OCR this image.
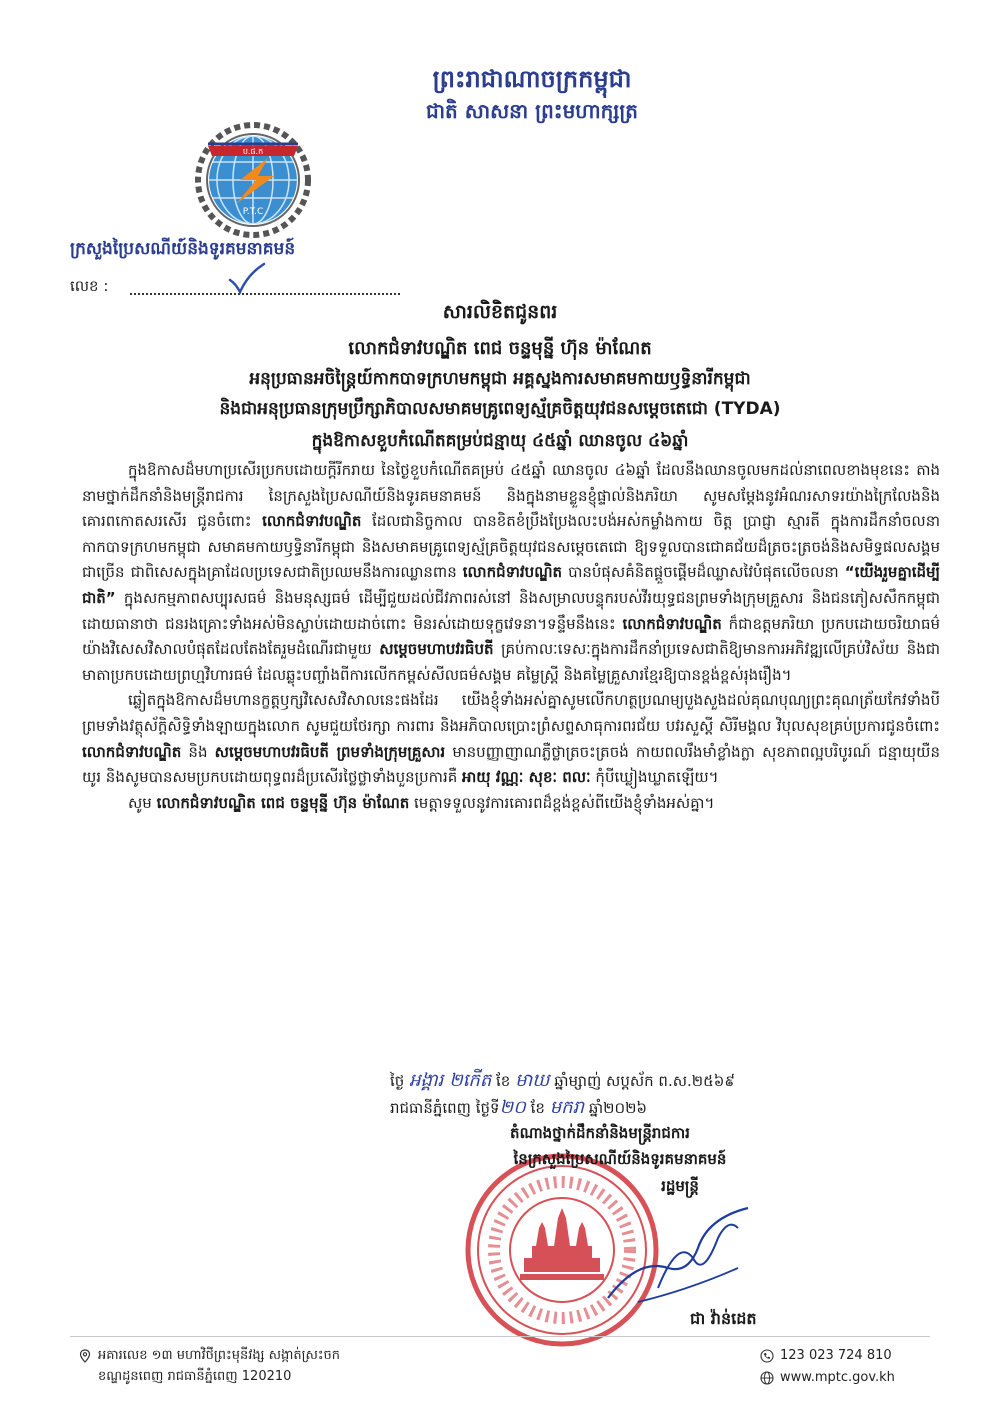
ព្រះរាជាណាចក្រកម្ពុជា
ជាតិ សាសនា ព្រះមហាក្សត្រ
ប.ផ.ក
P.T.C
ក្រសួងប្រៃសណីយ៍និងទូរគមនាគមន៍
លេខ :
សារលិខិតជូនពរ
លោកជំទាវបណ្ឌិត ពេជ ចន្ទមុន្នី ហ៊ុន ម៉ាណែត
អនុប្រធានអចិន្ត្រៃយ៍កាកបាទក្រហមកម្ពុជា អគ្គស្នងការសមាគមកាយឫទ្ធិនារីកម្ពុជា
និងជាអនុប្រធានក្រុមប្រឹក្សាភិបាលសមាគមគ្រូពេទ្យស្ម័គ្រចិត្តយុវជនសម្តេចតេជោ (TYDA)
ក្នុងឱកាសខួបកំណើតគម្រប់ជន្មាយុ ៤៥ឆ្នាំ ឈានចូល ៤៦ឆ្នាំ

ក្នុងឱកាសដ៏មហាប្រសើរប្រកបដោយក្តីរីករាយ នៃថ្ងៃខួបកំណើតគម្រប់ ៤៥ឆ្នាំ ឈានចូល ៤៦ឆ្នាំ ដែលនឹងឈានចូលមកដល់នាពេលខាងមុខនេះ តាងនាមថ្នាក់ដឹកនាំនិងមន្ត្រីរាជការ នៃក្រសួងប្រៃសណីយ៍និងទូរគមនាគមន៍ និងក្នុងនាមខ្លួនខ្ញុំផ្ទាល់និងភរិយា សូមសម្តែងនូវអំណរសាទរយ៉ាងក្រៃលែងនិងគោរពកោតសរសើរ ជូនចំពោះ លោកជំទាវបណ្ឌិត ដែលជានិច្ចកាល បានខិតខំប្រឹងប្រែងលះបង់អស់កម្លាំងកាយ ចិត្ត ប្រាជ្ញា ស្មារតី ក្នុងការដឹកនាំចលនាកាកបាទក្រហមកម្ពុជា សមាគមកាយឫទ្ធិនារីកម្ពុជា និងសមាគមគ្រូពេទ្យស្ម័គ្រចិត្តយុវជនសម្តេចតេជោ ឱ្យទទួលបានជោគជ័យដ៏ត្រចះត្រចង់និងសមិទ្ធផលសង្គមជាច្រើន ជាពិសេសក្នុងគ្រាដែលប្រទេសជាតិប្រឈមនឹងការឈ្លានពាន លោកជំទាវបណ្ឌិត បានបំផុសគំនិតផ្តួចផ្តើមដ៏ឈ្លាសវៃបំផុតលើចលនា “យើងរួមគ្នាដើម្បីជាតិ” ក្នុងសកម្មភាពសប្បុរសធម៌ និងមនុស្សធម៌ ដើម្បីជួយដល់ជីវភាពរស់នៅ និងសម្រាលបន្ទុករបស់វីរយុទ្ធជនព្រមទាំងក្រុមគ្រួសារ និងជនភៀសសឹកកម្ពុជា ដោយធានាថា ជនរងគ្រោះទាំងអស់មិនស្លាប់ដោយដាច់ពោះ មិនរស់ដោយទុក្ខវេទនា។ទន្ទឹមនឹងនេះ លោកជំទាវបណ្ឌិត ក៏ជាឧត្តមភរិយា ប្រកបដោយចរិយាធម៌យ៉ាងវិសេសវិសាលបំផុតដែលតែងតែរួមដំណើរជាមួយ សម្តេចមហាបវរធិបតី គ្រប់កាលៈទេសៈក្នុងការដឹកនាំប្រទេសជាតិឱ្យមានការអភិវឌ្ឍលើគ្រប់វិស័យ និងជាមាតាប្រកបដោយព្រហ្មវិហារធម៌ ដែលឆ្លុះបញ្ចាំងពីការលើកកម្ពស់សីលធម៌សង្គម គម្លៃស្ត្រី និងគម្លៃគ្រួសារខ្មែរឱ្យបានខ្ពង់ខ្ពស់រុងរឿង។

ឆ្លៀតក្នុងឱកាសដ៏មហានក្ខត្តឫក្សវិសេសវិសាលនេះផងដែរ យើងខ្ញុំទាំងអស់គ្នាសូមលើកហត្ថប្រណម្យបួងសួងដល់គុណបុណ្យព្រះគុណត្រ័យកែវទាំងបី ព្រមទាំងវត្ថុស័ក្តិសិទ្ធិទាំងឡាយក្នុងលោក សូមជួយថែរក្សា ការពារ និងអភិបាលប្រោះព្រំសព្ទសាធុការពរជ័យ បវរសួស្តី សិរីមង្គល វិបុលសុខគ្រប់ប្រការជូនចំពោះ លោកជំទាវបណ្ឌិត និង សម្តេចមហាបវរធិបតី ព្រមទាំងក្រុមគ្រួសារ មានបញ្ញាញាណភ្លឺថ្លាត្រចះត្រចង់ កាយពលរឹងមាំខ្លាំងក្លា សុខភាពល្អបរិបូរណ៍ ជន្មាយុយឺនយូរ និងសូមបានសមប្រកបដោយពុទ្ធពរដ៏ប្រសើរថ្លៃថ្លាទាំងបួនប្រការគឺ អាយុ វណ្ណៈ សុខៈ ពលៈ កុំបីឃ្លៀងឃ្លាតឡើយ។

សូម លោកជំទាវបណ្ឌិត ពេជ ចន្ទមុន្នី ហ៊ុន ម៉ាណែត មេត្តាទទួលនូវការគោរពដ៏ខ្ពង់ខ្ពស់ពីយើងខ្ញុំទាំងអស់គ្នា។

ថ្ងៃ អង្គារ ២កើត ខែ មាឃ ឆ្នាំម្សាញ់ សប្តស័ក ព.ស.២៥៦៩
រាជធានីភ្នំពេញ ថ្ងៃទី២០ ខែ មករា ឆ្នាំ២០២៦
តំណាងថ្នាក់ដឹកនាំនិងមន្ត្រីរាជការ
នៃក្រសួងប្រៃសណីយ៍និងទូរគមនាគមន៍
រដ្ឋមន្ត្រី
ជា វ៉ាន់ដេត
អគារលេខ ១៣ មហាវិថីព្រះមុនីវង្ស សង្កាត់ស្រះចក
ខណ្ឌដូនពេញ រាជធានីភ្នំពេញ 120210
123 023 724 810
www.mptc.gov.kh
